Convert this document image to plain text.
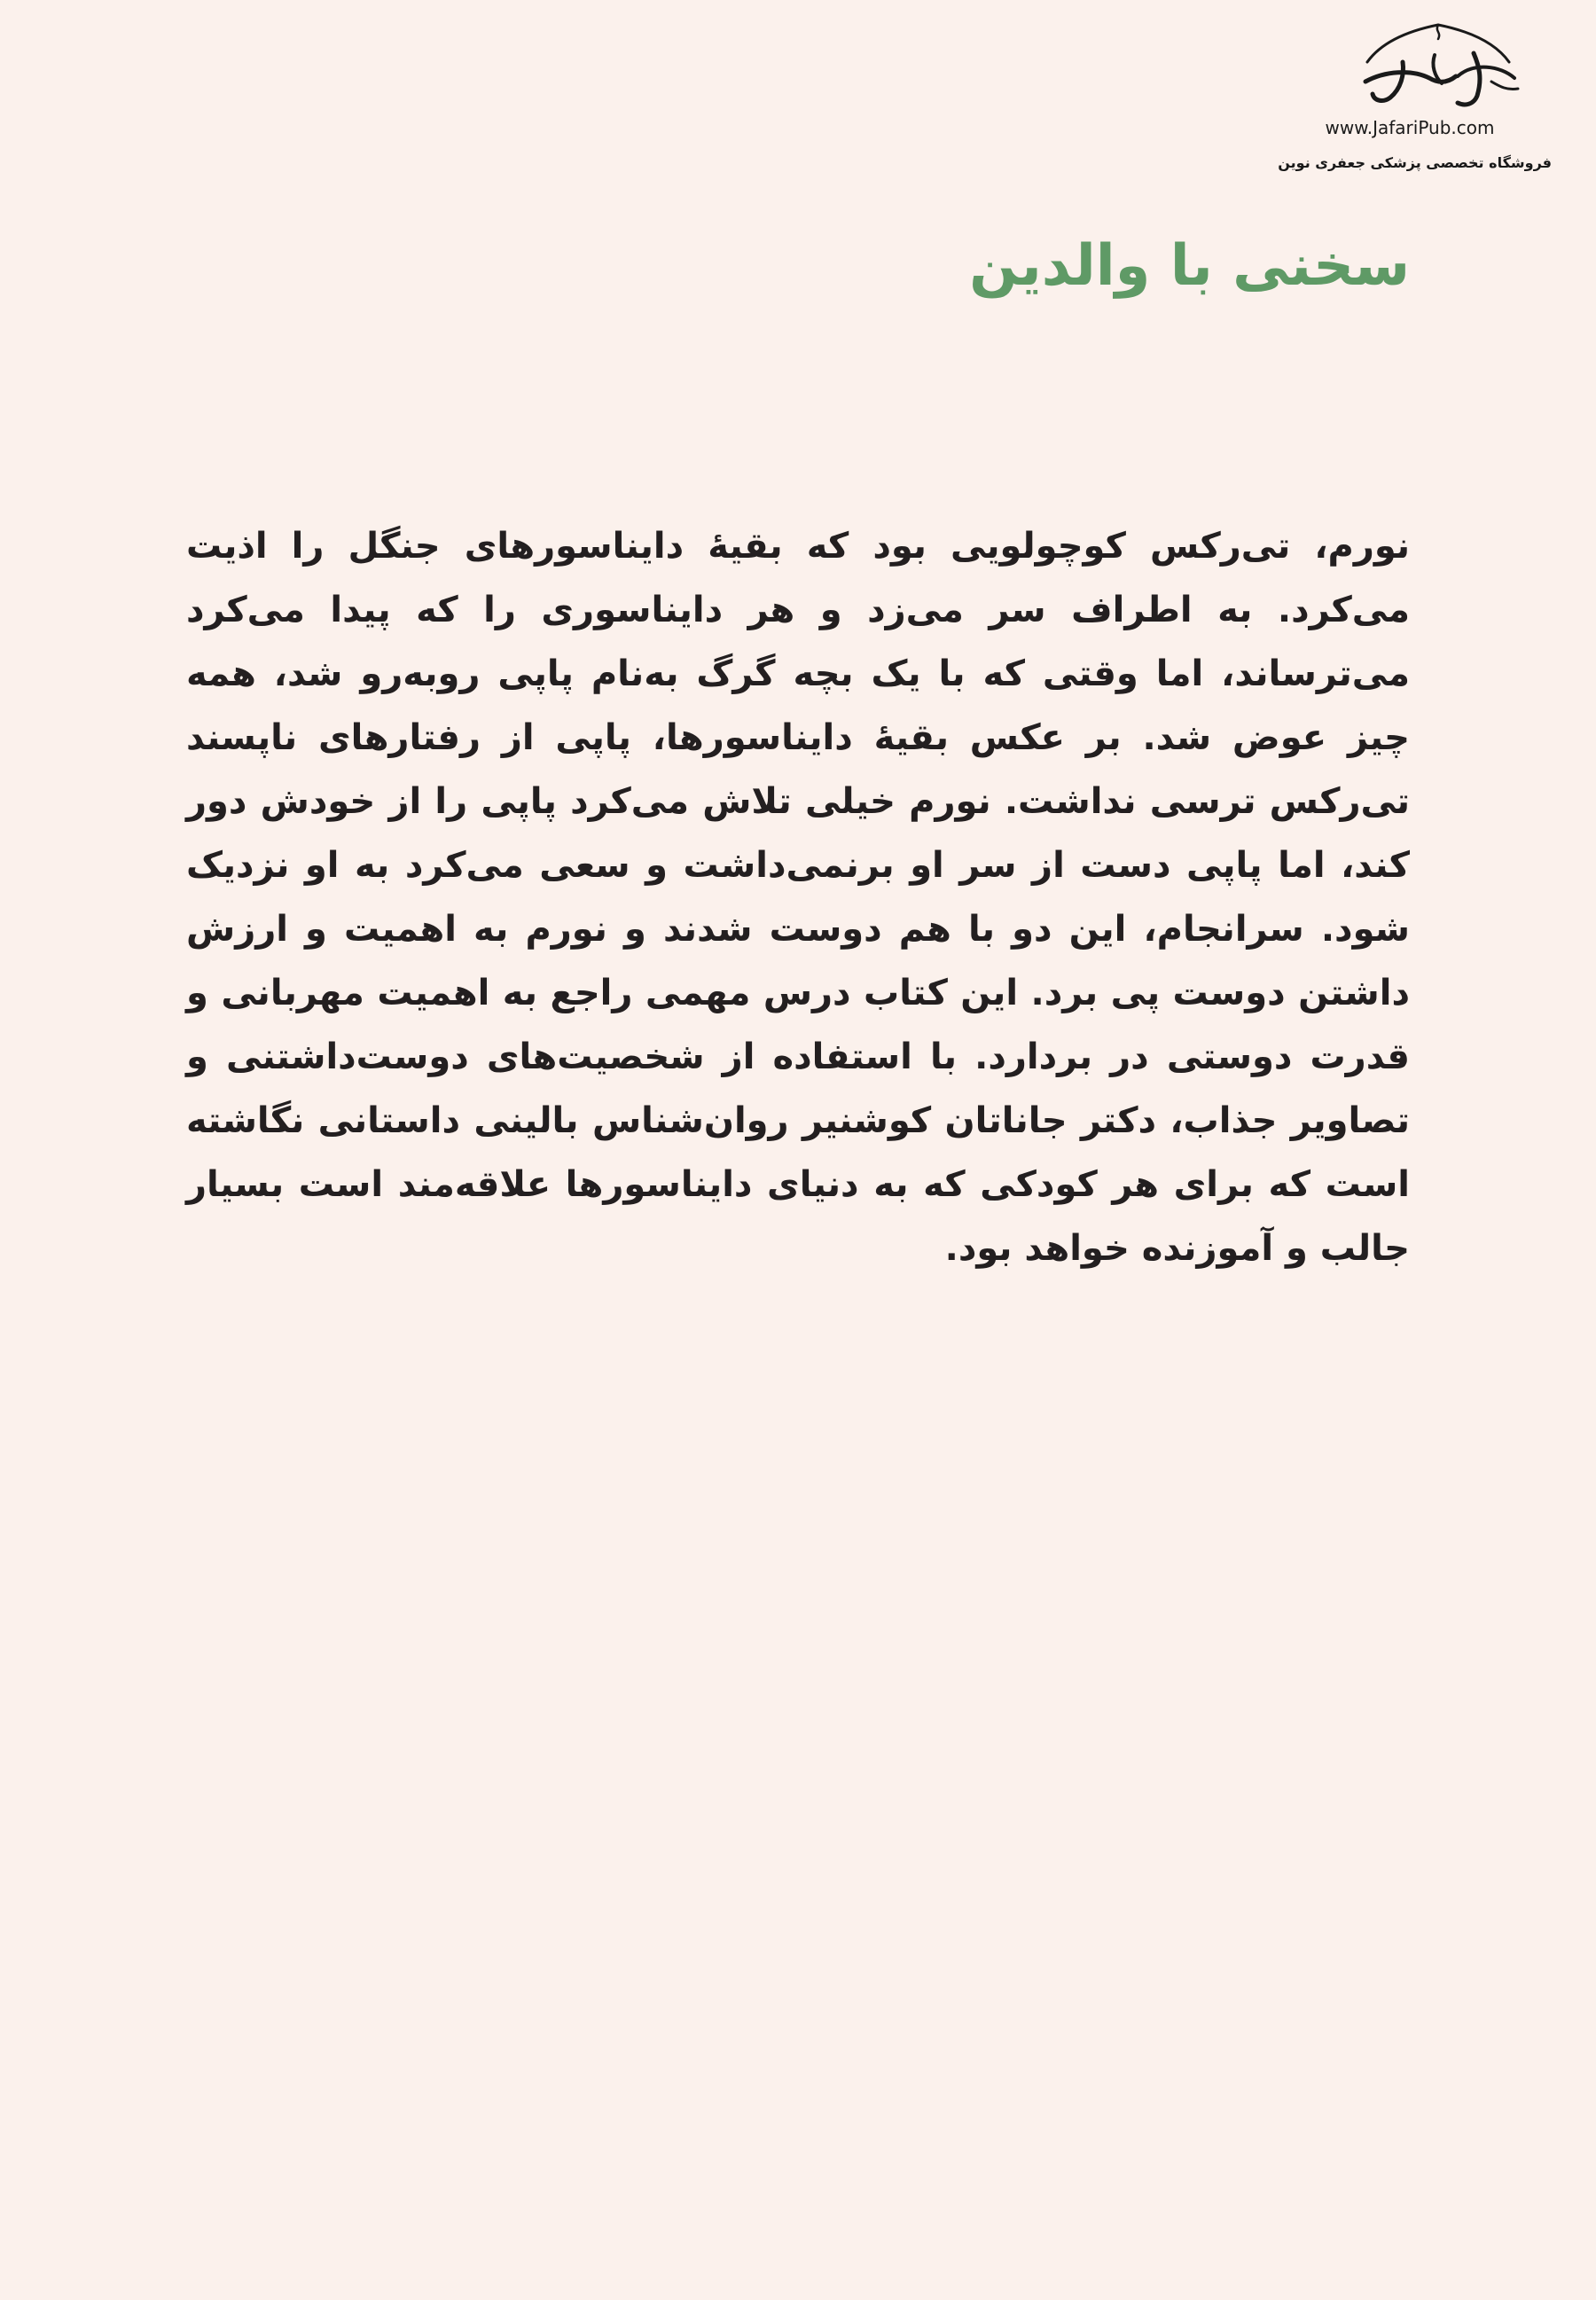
www.JafariPub.com
فروشگاه تخصصی پزشکی جعفری نوین
سخنی با والدین

نورم، تی‌رکس کوچولویی بود که بقیهٔ دایناسورهای جنگل را اذیت می‌کرد. به اطراف سر می‌زد و هر دایناسوری را که پیدا می‌کرد می‌ترساند، اما وقتی که با یک بچه گرگ به‌نام پاپی روبه‌رو شد، همه چیز عوض شد. بر عکس بقیهٔ دایناسورها، پاپی از رفتارهای ناپسند تی‌رکس ترسی نداشت. نورم خیلی تلاش می‌کرد پاپی را از خودش دور کند، اما پاپی دست از سر او برنمی‌داشت و سعی می‌کرد به او نزدیک شود. سرانجام، این دو با هم دوست شدند و نورم به اهمیت و ارزش داشتن دوست پی برد. این کتاب درس مهمی راجع به اهمیت مهربانی و قدرت دوستی در بردارد. با استفاده از شخصیت‌های دوست‌داشتنی و تصاویر جذاب، دکتر جاناتان کوشنیر روان‌شناس بالینی داستانی نگاشته است که برای هر کودکی که به دنیای دایناسورها علاقه‌مند است بسیار جالب و آموزنده خواهد بود.
